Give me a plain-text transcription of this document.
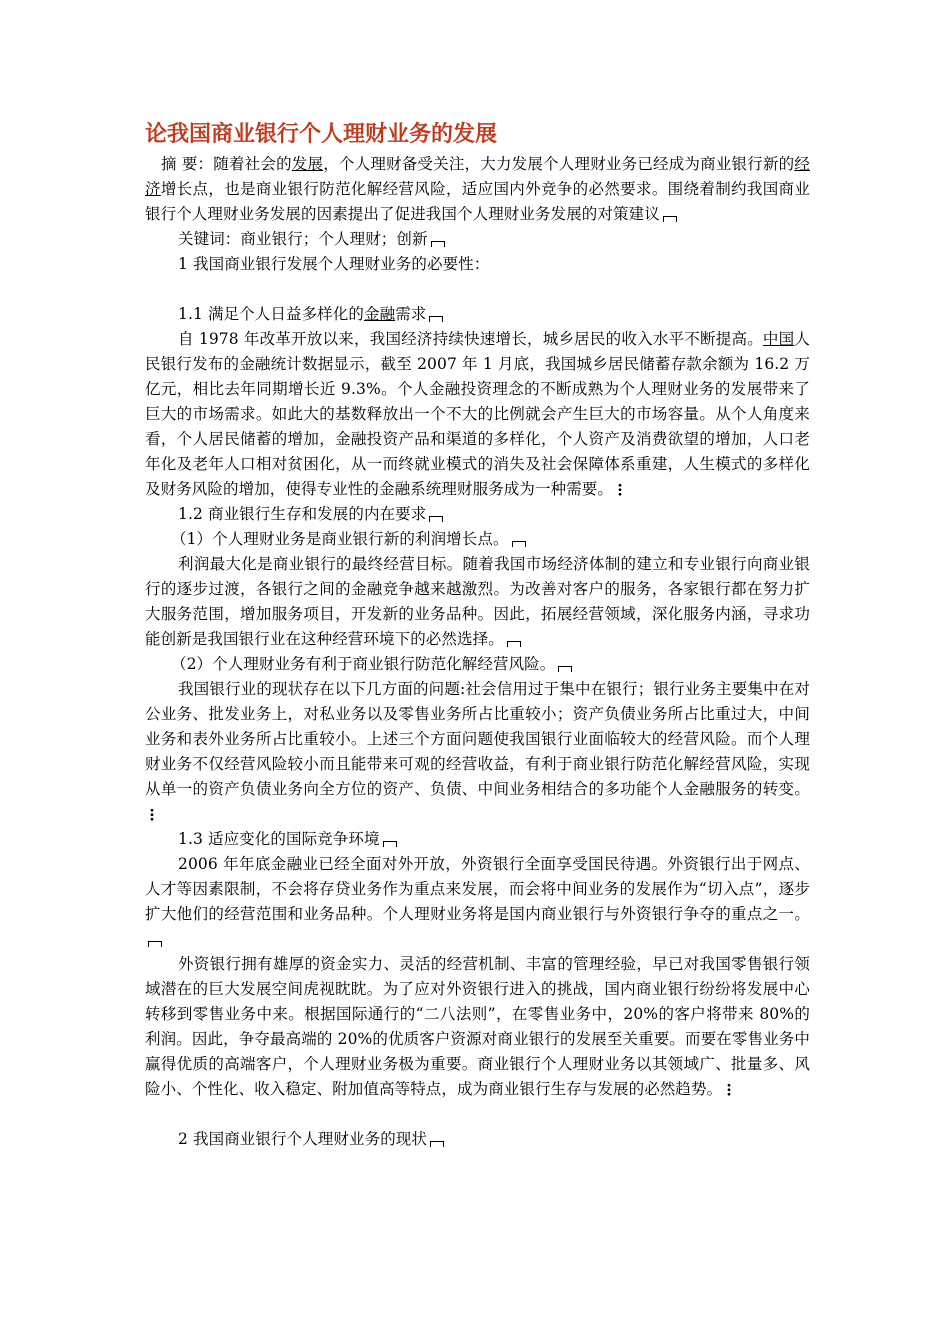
论我国商业银行个人理财业务的发展

摘 要：随着社会的发展，个人理财备受关注，大力发展个人理财业务已经成为商业银行新的经济增长点，也是商业银行防范化解经营风险，适应国内外竞争的必然要求。围绕着制约我国商业银行个人理财业务发展的因素提出了促进我国个人理财业务发展的对策建议

关键词：商业银行；个人理财；创新

1 我国商业银行发展个人理财业务的必要性：

1.1 满足个人日益多样化的金融需求

自 1978 年改革开放以来，我国经济持续快速增长，城乡居民的收入水平不断提高。中国人民银行发布的金融统计数据显示，截至 2007 年 1 月底，我国城乡居民储蓄存款余额为 16.2 万亿元，相比去年同期增长近 9.3%。个人金融投资理念的不断成熟为个人理财业务的发展带来了巨大的市场需求。如此大的基数释放出一个不大的比例就会产生巨大的市场容量。从个人角度来看，个人居民储蓄的增加，金融投资产品和渠道的多样化，个人资产及消费欲望的增加，人口老年化及老年人口相对贫困化，从一而终就业模式的消失及社会保障体系重建，人生模式的多样化及财务风险的增加，使得专业性的金融系统理财服务成为一种需要。

1.2 商业银行生存和发展的内在要求

（1）个人理财业务是商业银行新的利润增长点。

利润最大化是商业银行的最终经营目标。随着我国市场经济体制的建立和专业银行向商业银行的逐步过渡，各银行之间的金融竞争越来越激烈。为改善对客户的服务，各家银行都在努力扩大服务范围，增加服务项目，开发新的业务品种。因此，拓展经营领域，深化服务内涵，寻求功能创新是我国银行业在这种经营环境下的必然选择。

（2）个人理财业务有利于商业银行防范化解经营风险。

我国银行业的现状存在以下几方面的问题:社会信用过于集中在银行；银行业务主要集中在对公业务、批发业务上，对私业务以及零售业务所占比重较小；资产负债业务所占比重过大，中间业务和表外业务所占比重较小。上述三个方面问题使我国银行业面临较大的经营风险。而个人理财业务不仅经营风险较小而且能带来可观的经营收益，有利于商业银行防范化解经营风险，实现从单一的资产负债业务向全方位的资产、负债、中间业务相结合的多功能个人金融服务的转变。

1.3 适应变化的国际竞争环境

2006 年年底金融业已经全面对外开放，外资银行全面享受国民待遇。外资银行出于网点、人才等因素限制，不会将存贷业务作为重点来发展，而会将中间业务的发展作为“切入点”，逐步扩大他们的经营范围和业务品种。个人理财业务将是国内商业银行与外资银行争夺的重点之一。

外资银行拥有雄厚的资金实力、灵活的经营机制、丰富的管理经验，早已对我国零售银行领域潜在的巨大发展空间虎视眈眈。为了应对外资银行进入的挑战，国内商业银行纷纷将发展中心转移到零售业务中来。根据国际通行的“二八法则”，在零售业务中，20%的客户将带来 80%的利润。因此，争夺最高端的 20%的优质客户资源对商业银行的发展至关重要。而要在零售业务中赢得优质的高端客户，个人理财业务极为重要。商业银行个人理财业务以其领域广、批量多、风险小、个性化、收入稳定、附加值高等特点，成为商业银行生存与发展的必然趋势。

2 我国商业银行个人理财业务的现状
